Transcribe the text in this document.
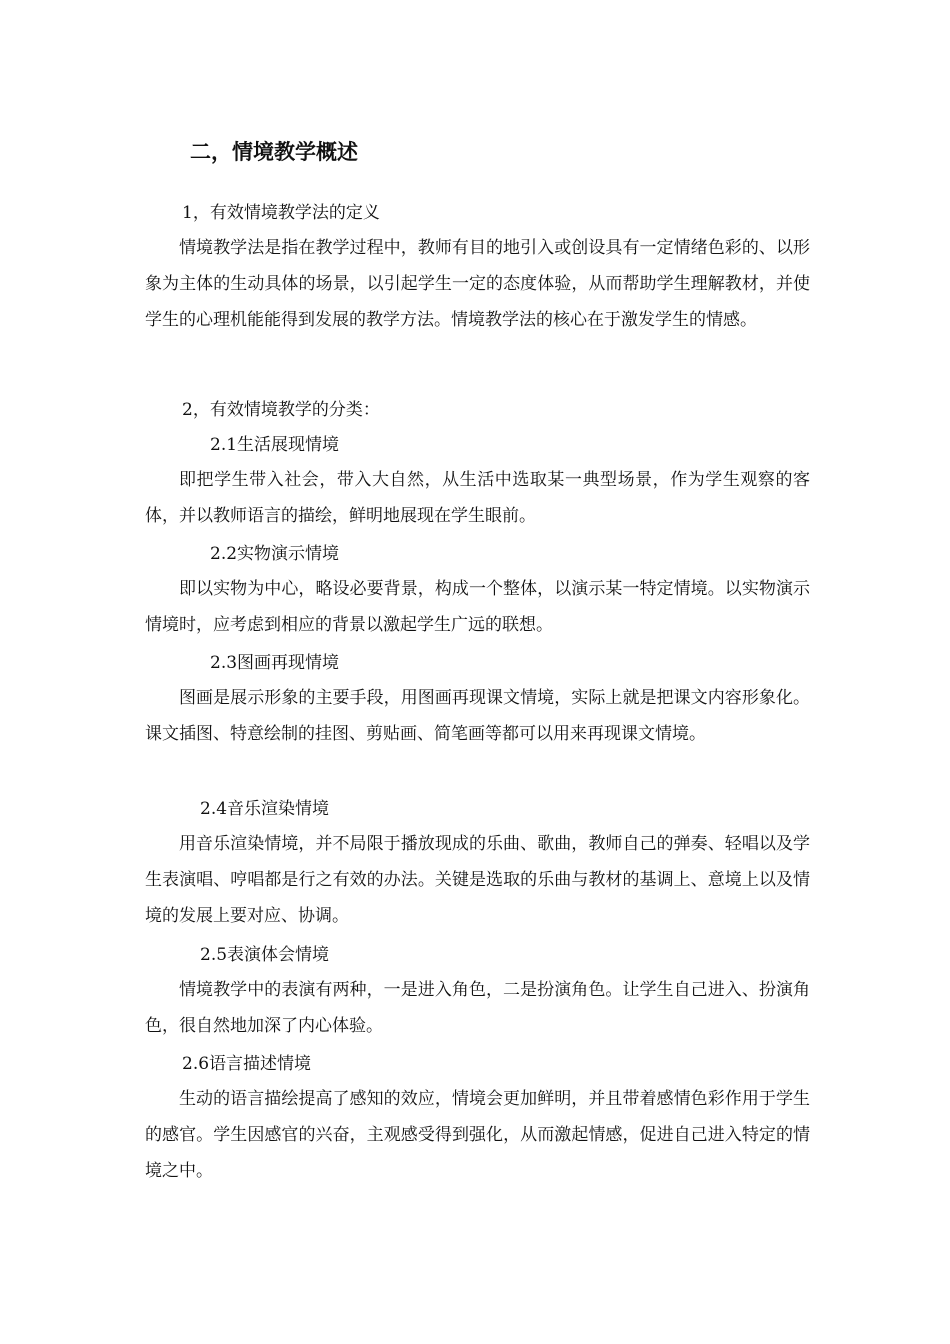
二，情境教学概述

1，有效情境教学法的定义

情境教学法是指在教学过程中，教师有目的地引入或创设具有一定情绪色彩的、以形象为主体的生动具体的场景，以引起学生一定的态度体验，从而帮助学生理解教材，并使学生的心理机能能得到发展的教学方法。情境教学法的核心在于激发学生的情感。

2，有效情境教学的分类：

2.1生活展现情境

即把学生带入社会，带入大自然，从生活中选取某一典型场景，作为学生观察的客体，并以教师语言的描绘，鲜明地展现在学生眼前。

2.2实物演示情境

即以实物为中心，略设必要背景，构成一个整体，以演示某一特定情境。以实物演示情境时，应考虑到相应的背景以激起学生广远的联想。

2.3图画再现情境

图画是展示形象的主要手段，用图画再现课文情境，实际上就是把课文内容形象化。课文插图、特意绘制的挂图、剪贴画、简笔画等都可以用来再现课文情境。

2.4音乐渲染情境

用音乐渲染情境，并不局限于播放现成的乐曲、歌曲，教师自己的弹奏、轻唱以及学生表演唱、哼唱都是行之有效的办法。关键是选取的乐曲与教材的基调上、意境上以及情境的发展上要对应、协调。

2.5表演体会情境

情境教学中的表演有两种，一是进入角色，二是扮演角色。让学生自己进入、扮演角色，很自然地加深了内心体验。

2.6语言描述情境

生动的语言描绘提高了感知的效应，情境会更加鲜明，并且带着感情色彩作用于学生的感官。学生因感官的兴奋，主观感受得到强化，从而激起情感，促进自己进入特定的情境之中。
